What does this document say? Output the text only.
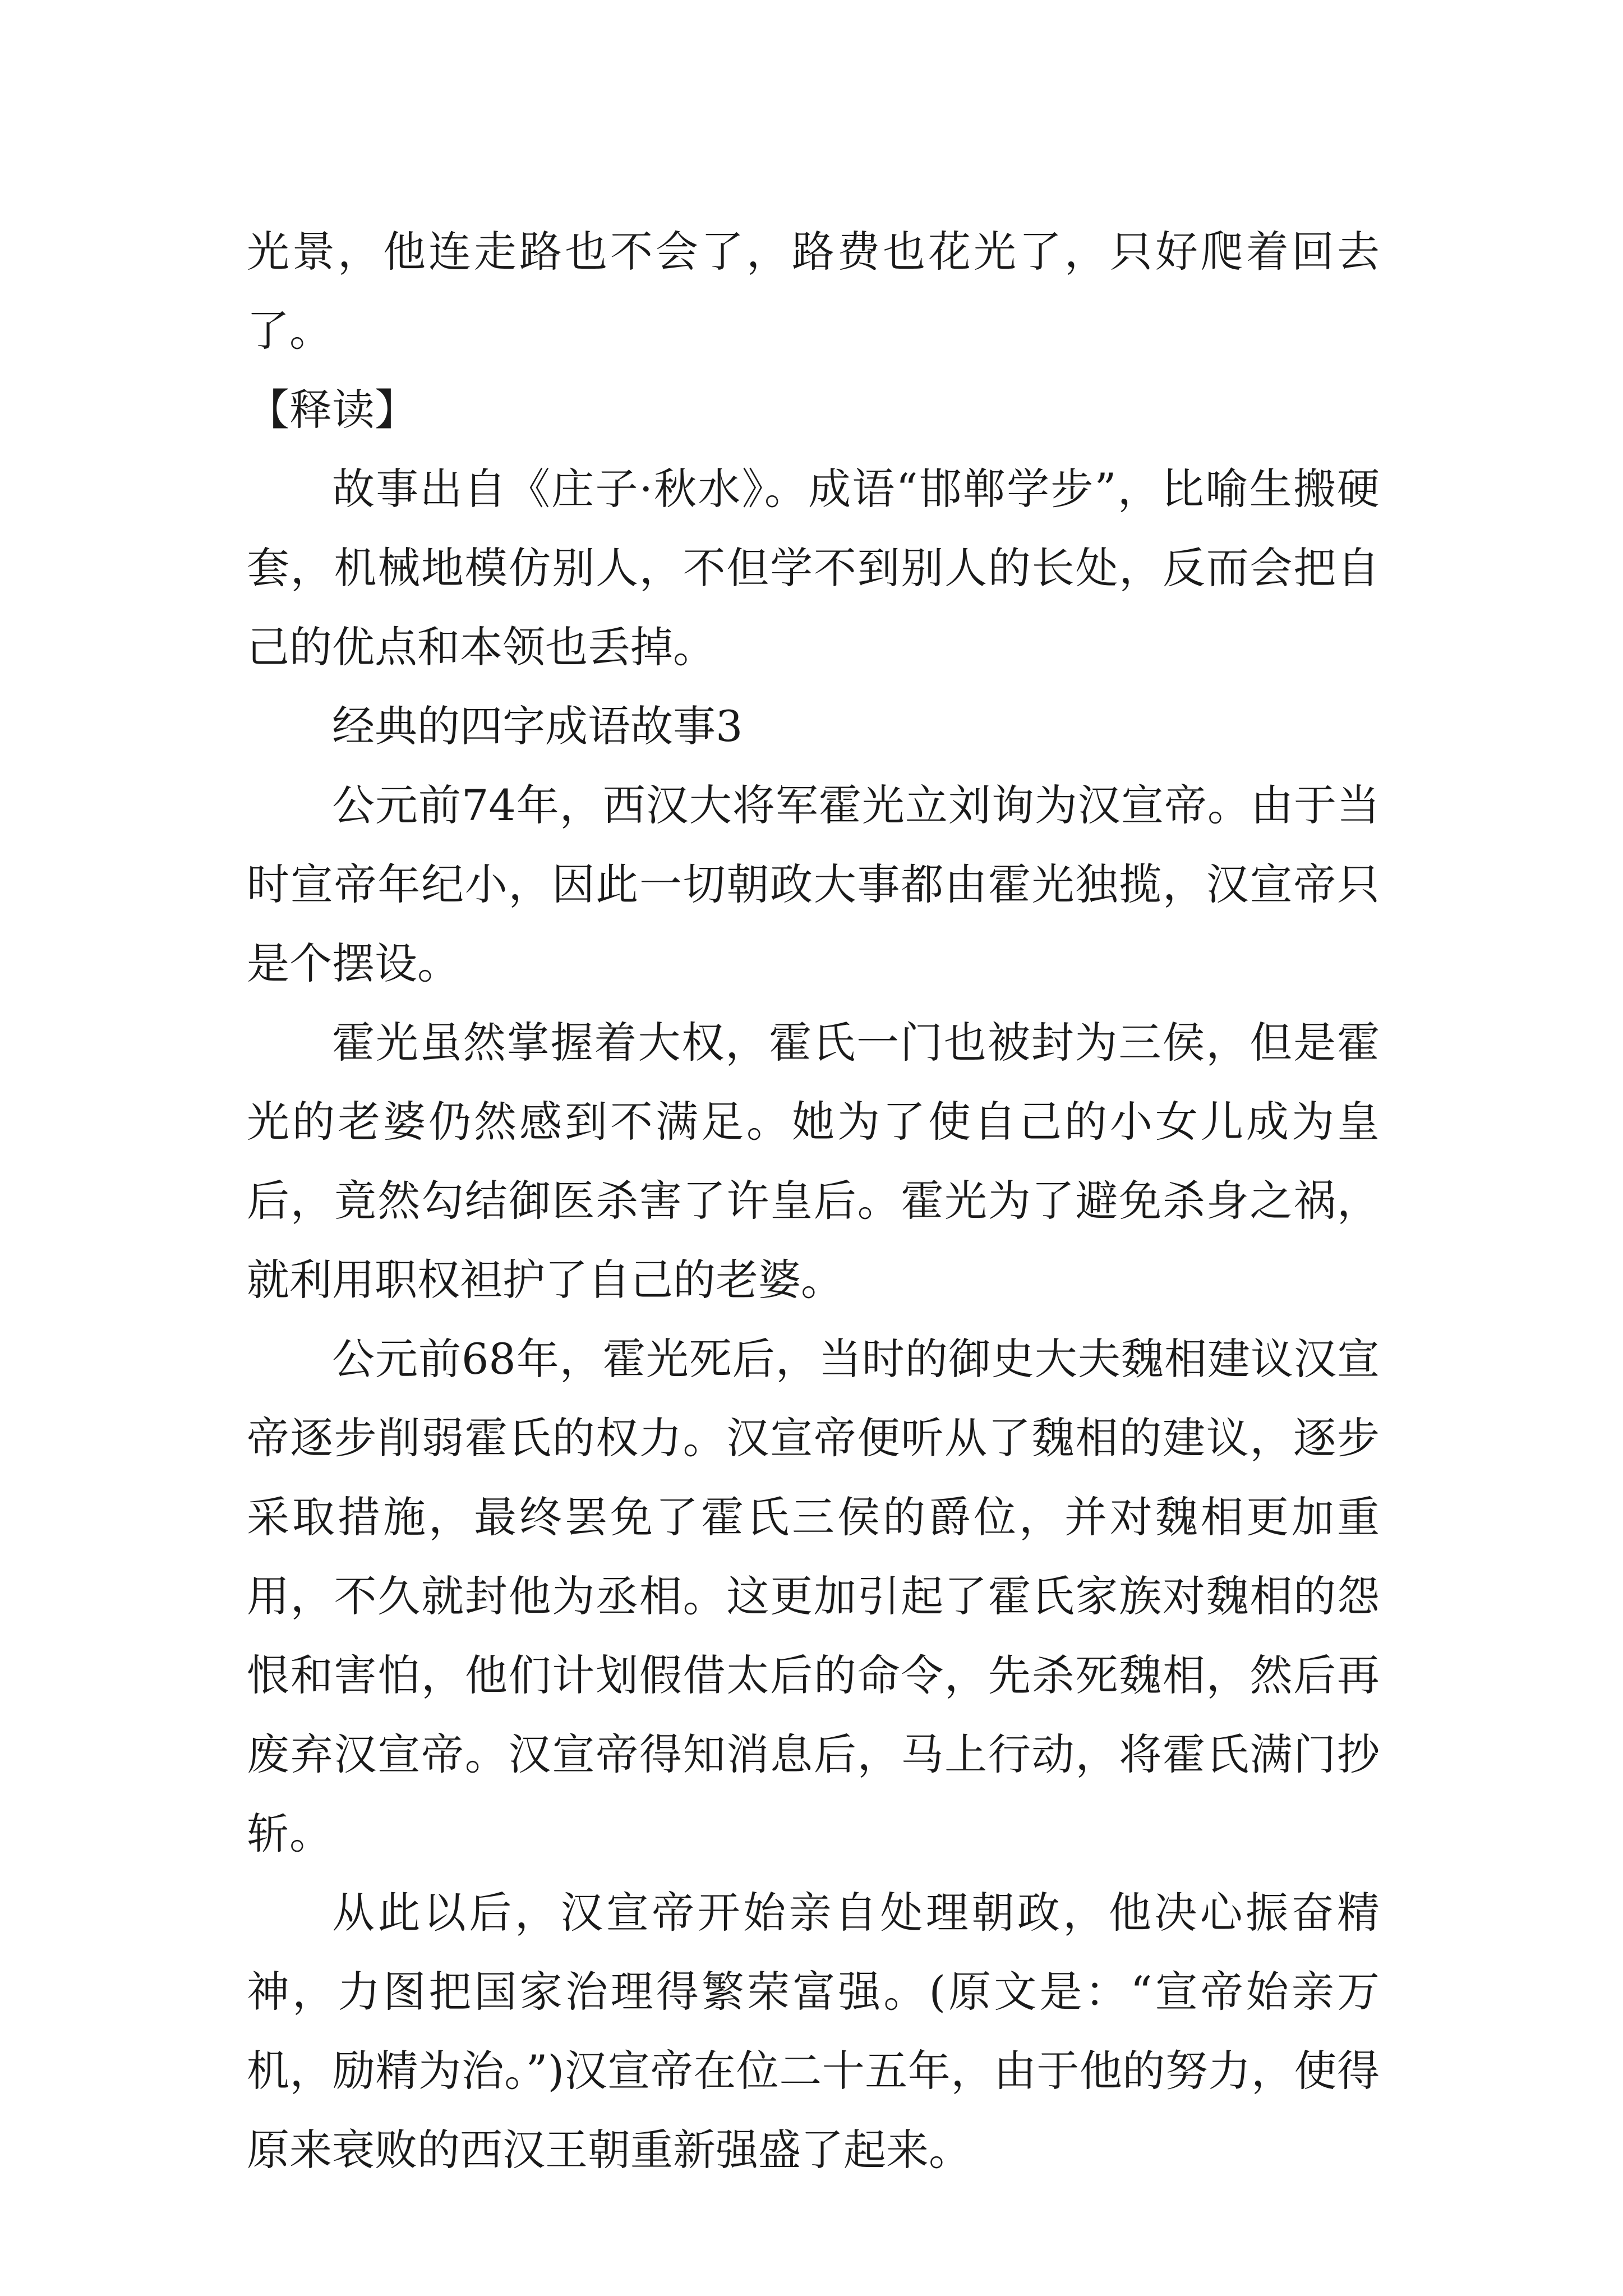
光景，他连走路也不会了，路费也花光了，只好爬着回去了。

【释读】

故事出自《庄子·秋水》。成语“邯郸学步”，比喻生搬硬套，机械地模仿别人，不但学不到别人的长处，反而会把自己的优点和本领也丢掉。

经典的四字成语故事3

公元前74年，西汉大将军霍光立刘询为汉宣帝。由于当时宣帝年纪小，因此一切朝政大事都由霍光独揽，汉宣帝只是个摆设。

霍光虽然掌握着大权，霍氏一门也被封为三侯，但是霍光的老婆仍然感到不满足。她为了使自己的小女儿成为皇后，竟然勾结御医杀害了许皇后。霍光为了避免杀身之祸，就利用职权袒护了自己的老婆。

公元前68年，霍光死后，当时的御史大夫魏相建议汉宣帝逐步削弱霍氏的权力。汉宣帝便听从了魏相的建议，逐步采取措施，最终罢免了霍氏三侯的爵位，并对魏相更加重用，不久就封他为丞相。这更加引起了霍氏家族对魏相的怨恨和害怕，他们计划假借太后的命令，先杀死魏相，然后再废弃汉宣帝。汉宣帝得知消息后，马上行动，将霍氏满门抄斩。

从此以后，汉宣帝开始亲自处理朝政，他决心振奋精神，力图把国家治理得繁荣富强。(原文是：“宣帝始亲万机，励精为治。”)汉宣帝在位二十五年，由于他的努力，使得原来衰败的西汉王朝重新强盛了起来。
